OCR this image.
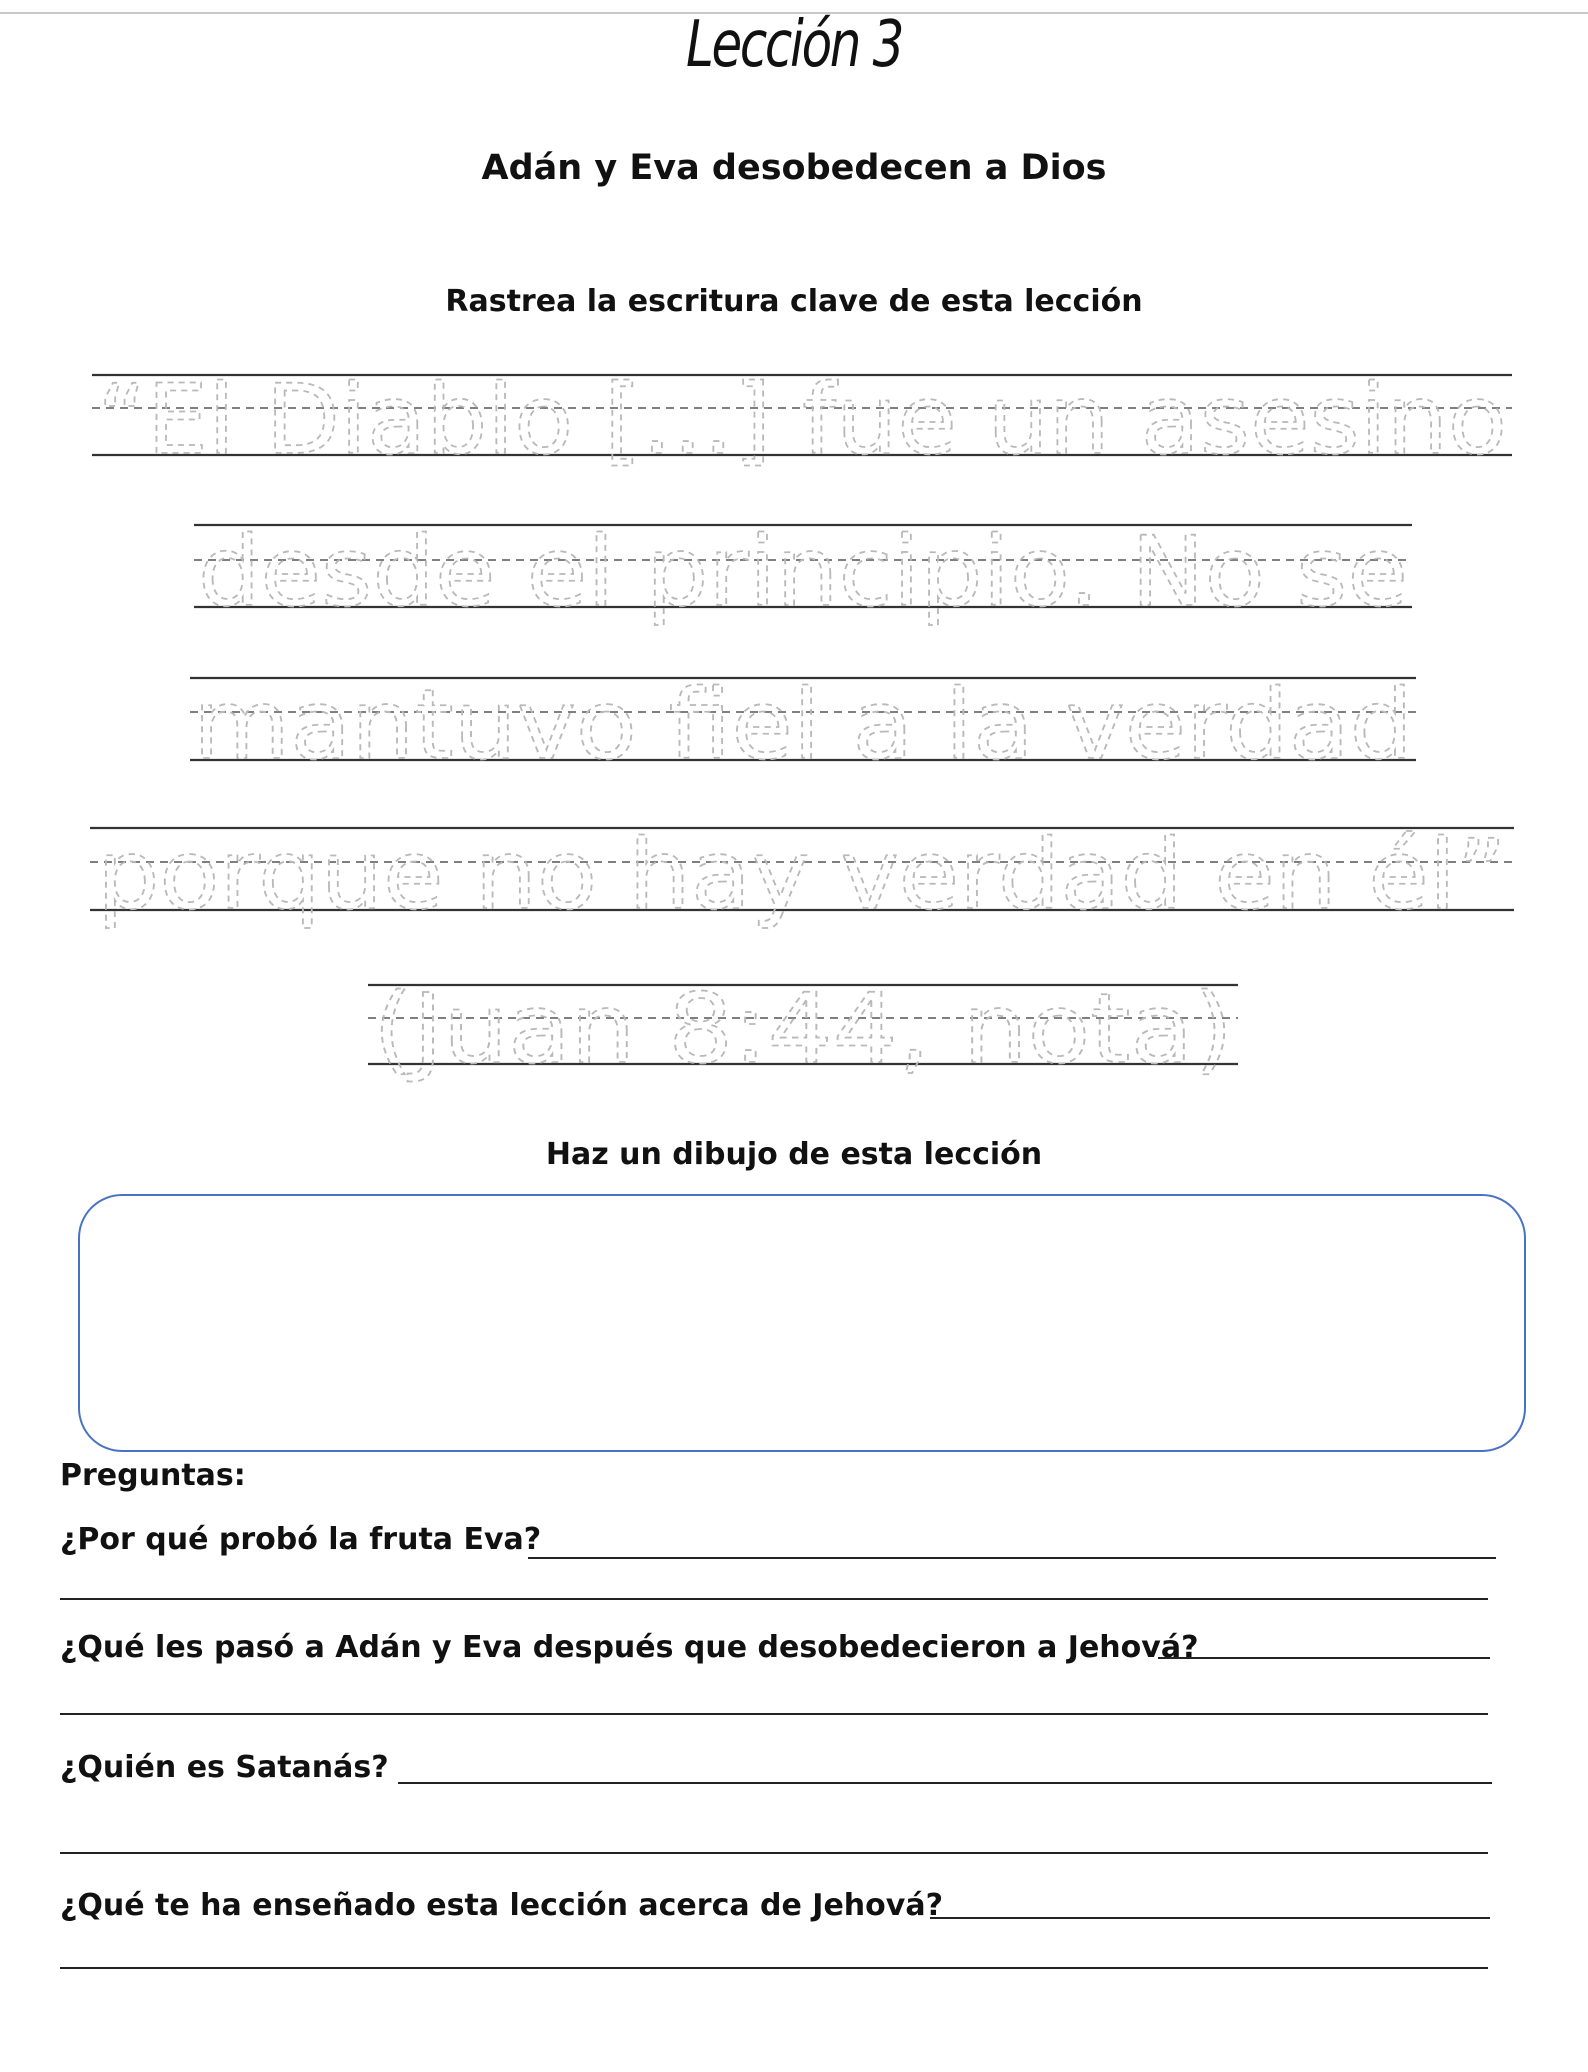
Lección 3
Adán y Eva desobedecen a Dios
Rastrea la escritura clave de esta lección
“El Diablo [...] fue un asesino
desde el principio. No se
mantuvo fiel a la verdad
porque no hay verdad en él”
(Juan 8:44, nota)
Haz un dibujo de esta lección
Preguntas:
¿Por qué probó la fruta Eva?
¿Qué les pasó a Adán y Eva después que desobedecieron a Jehová?
¿Quién es Satanás?
¿Qué te ha enseñado esta lección acerca de Jehová?
